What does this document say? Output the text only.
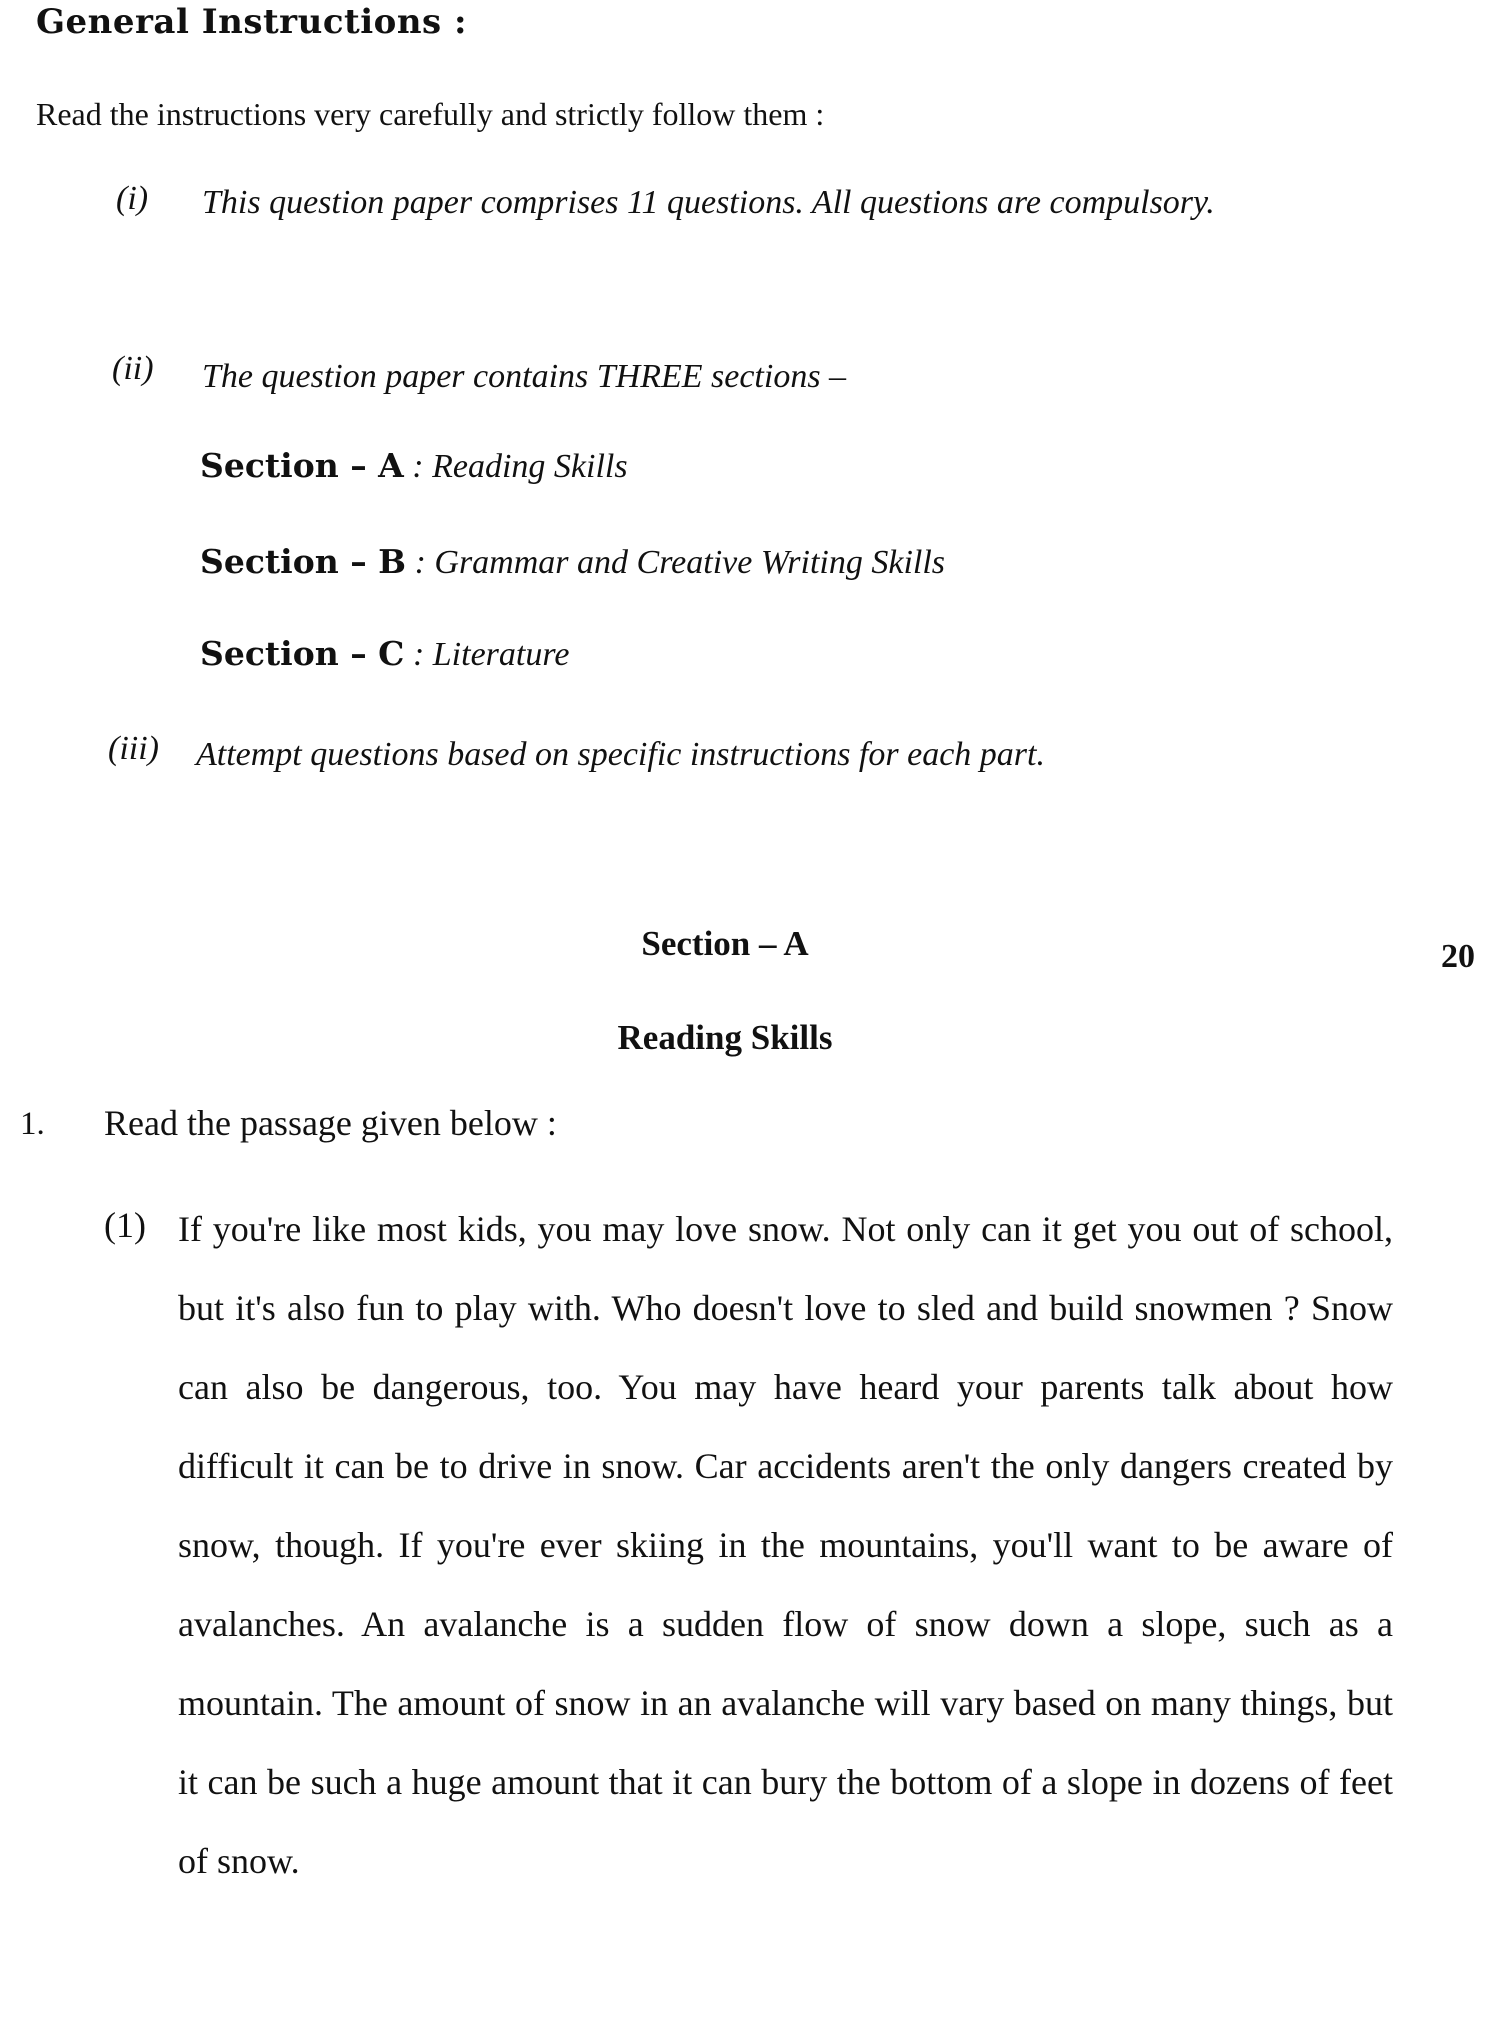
General Instructions :
Read the instructions very carefully and strictly follow them :
(i) This question paper comprises 11 questions. All questions are compulsory.
(ii) The question paper contains THREE sections –
Section – A : Reading Skills
Section – B : Grammar and Creative Writing Skills
Section – C : Literature
(iii) Attempt questions based on specific instructions for each part.
Section – A	20
Reading Skills
1. Read the passage given below :
(1) If you're like most kids, you may love snow. Not only can it get you out of school, but it's also fun to play with. Who doesn't love to sled and build snowmen ? Snow can also be dangerous, too. You may have heard your parents talk about how difficult it can be to drive in snow. Car accidents aren't the only dangers created by snow, though. If you're ever skiing in the mountains, you'll want to be aware of avalanches. An avalanche is a sudden flow of snow down a slope, such as a mountain. The amount of snow in an avalanche will vary based on many things, but it can be such a huge amount that it can bury the bottom of a slope in dozens of feet of snow.
